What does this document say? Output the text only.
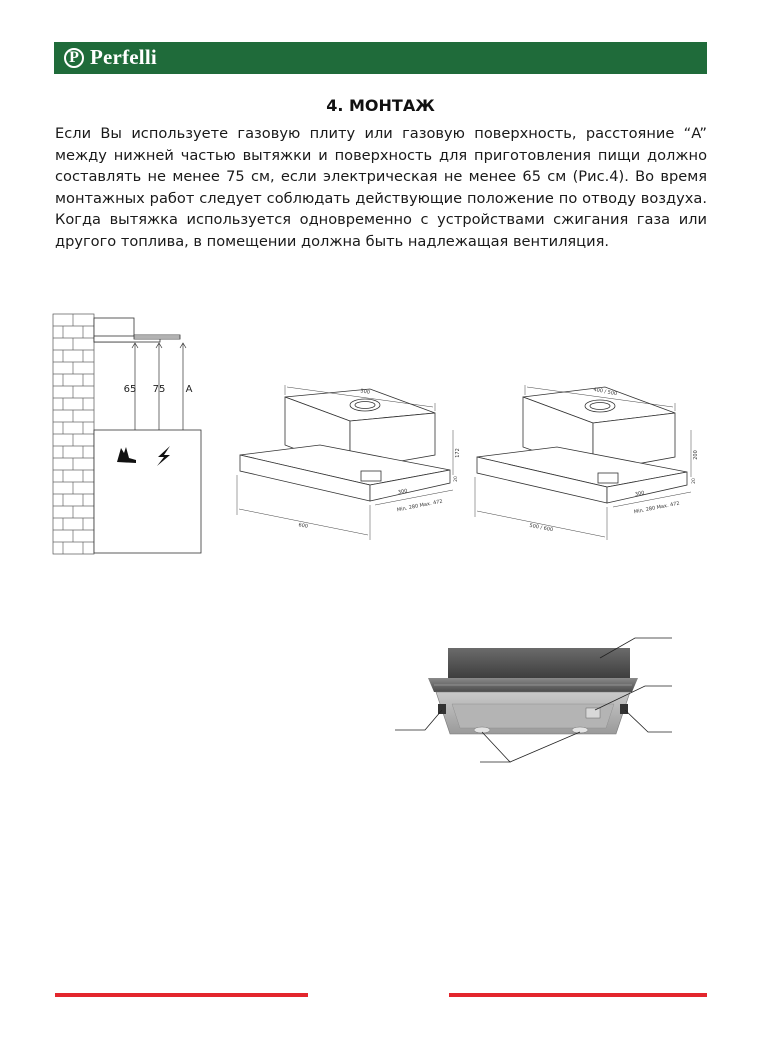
P Perfelli
4. МОНТАЖ
Если Вы используете газовую плиту или газовую поверхность, расстояние “A” между нижней частью вытяжки и поверхность для приготовления пищи должно составлять не менее 75 см, если электрическая не менее 65 см (Рис.4). Во время монтажных работ следует соблюдать действующие положение по отводу воздуха. Когда вытяжка используется одновременно с устройствами сжигания газа или другого топлива, в помещении должна быть надлежащая вентиляция.
65 75 A	500
172
600
300
Min. 280 Max. 472
20
400 / 500
200
500 / 600
300
Min. 280 Max. 472
20
